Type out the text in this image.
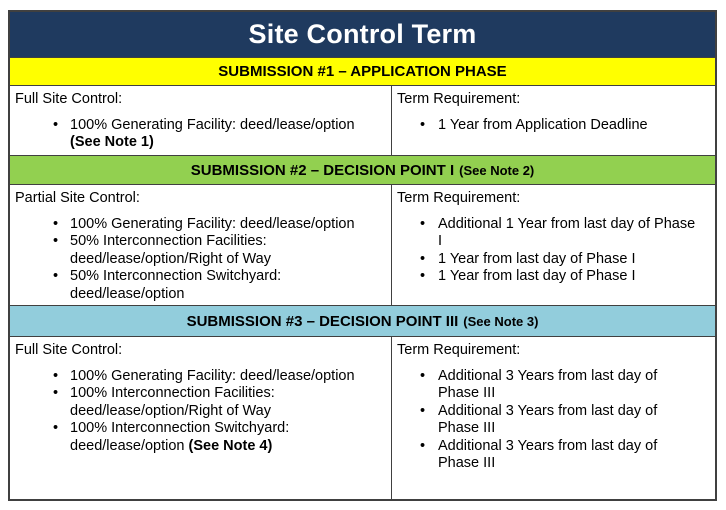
Site Control Term
SUBMISSION #1 – APPLICATION PHASE
Full Site Control:
• 100% Generating Facility: deed/lease/option
(See Note 1)
Term Requirement:
• 1 Year from Application Deadline
SUBMISSION #2 – DECISION POINT I (See Note 2)
Partial Site Control:
• 100% Generating Facility: deed/lease/option
• 50% Interconnection Facilities:
deed/lease/option/Right of Way
• 50% Interconnection Switchyard:
deed/lease/option
Term Requirement:
• Additional 1 Year from last day of Phase
I
• 1 Year from last day of Phase I
• 1 Year from last day of Phase I
SUBMISSION #3 – DECISION POINT III (See Note 3)
Full Site Control:
• 100% Generating Facility: deed/lease/option
• 100% Interconnection Facilities:
deed/lease/option/Right of Way
• 100% Interconnection Switchyard:
deed/lease/option (See Note 4)
Term Requirement:
• Additional 3 Years from last day of
Phase III
• Additional 3 Years from last day of
Phase III
• Additional 3 Years from last day of
Phase III
